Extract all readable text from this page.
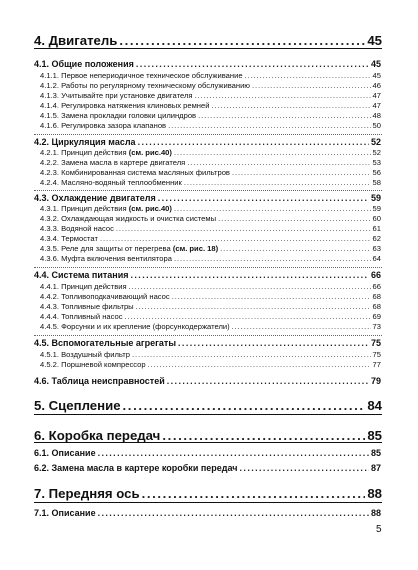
4. Двигатель .....	45
4.1. Общие положения .....	45
4.1.1. Первое непериодичное техническое обслуживание .....	45
4.1.2. Работы по регулярному техническому обслуживанию .....	46
4.1.3. Учитывайте при установке двигателя .....	47
4.1.4. Регулировка натяжения клиновых ремней .....	47
4.1.5. Замена прокладки головки цилиндров .....	48
4.1.6. Регулировка зазора клапанов .....	50
4.2. Циркуляция масла .....	52
4.2.1. Принцип действия (см. рис.40) .....	52
4.2.2. Замена масла в картере двигателя .....	53
4.2.3. Комбинированная система масляных фильтров .....	56
4.2.4. Масляно-водяный теплообменник .....	58
4.3. Охлаждение двигателя .....	59
4.3.1. Принцип действия (см. рис.40) .....	59
4.3.2. Охлаждающая жидкость и очистка системы .....	60
4.3.3. Водяной насос .....	61
4.3.4. Термостат .....	62
4.3.5. Реле для защиты от перегрева (см. рис. 18) .....	63
4.3.6. Муфта включения вентилятора .....	64
4.4. Система питания .....	66
4.4.1. Принцип действия .....	66
4.4.2. Топливоподкачивающий насос .....	68
4.4.3. Топливные фильтры .....	68
4.4.4. Топливный насос .....	69
4.4.5. Форсунки и их крепление (форсункодержатели) .....	73
4.5. Вспомогательные агрегаты .....	75
4.5.1. Воздушный фильтр .....	75
4.5.2. Поршневой компрессор .....	77
4.6. Таблица неисправностей .....	79
5. Сцепление .....	84
6. Коробка передач .....	85
6.1. Описание .....	85
6.2. Замена масла в картере коробки передач .....	87
7. Передняя ось .....	88
7.1. Описание .....	88
5
